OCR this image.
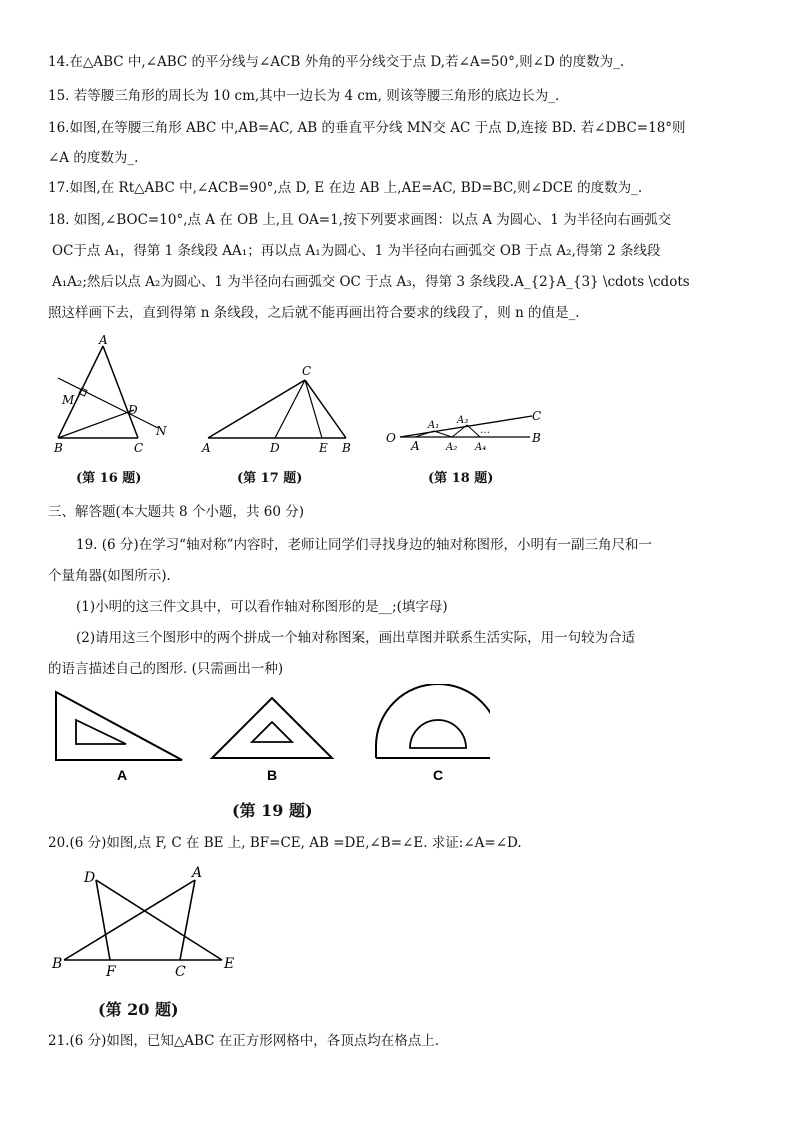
14.在△ABC 中,∠ABC 的平分线与∠ACB 外角的平分线交于点 D,若∠A=50°,则∠D 的度数为_.
15. 若等腰三角形的周长为 10 cm,其中一边长为 4 cm, 则该等腰三角形的底边长为_.
16.如图,在等腰三角形 ABC 中,AB=AC, AB 的垂直平分线 MN交 AC 于点 D,连接 BD. 若∠DBC=18°则
∠A 的度数为_.
17.如图,在 Rt△ABC 中,∠ACB=90°,点 D, E 在边 AB 上,AE=AC, BD=BC,则∠DCE 的度数为_.
18. 如图,∠BOC=10°,点 A 在 OB 上,且 OA=1,按下列要求画图：以点 A 为圆心、1 为半径向右画弧交
OC于点 A₁，得第 1 条线段 AA₁；再以点 A₁为圆心、1 为半径向右画弧交 OB 于点 A₂,得第 2 条线段
A₁A₂;然后以点 A₂为圆心、1 为半径向右画弧交 OC 于点 A₃，得第 3 条线段.A_{2}A_{3} \cdots \cdots
照这样画下去，直到得第 n 条线段，之后就不能再画出符合要求的线段了，则 n 的值是_.
A
M
D
N
B	C
(第 16 题)
C
A	D	E B
(第 17 题)
O
A
A₁
A₂
A₃
A₄
…
C
B
(第 18 题)
三、解答题(本大题共 8 个小题，共 60 分)
19. (6 分)在学习“轴对称”内容时，老师让同学们寻找身边的轴对称图形，小明有一副三角尺和一
个量角器(如图所示).
(1)小明的这三件文具中，可以看作轴对称图形的是__;(填字母)
(2)请用这三个图形中的两个拼成一个轴对称图案，画出草图并联系生活实际，用一句较为合适
的语言描述自己的图形. (只需画出一种)
A	B	C
(第 19 题)
20.(6 分)如图,点 F, C 在 BE 上, BF=CE, AB =DE,∠B=∠E. 求证:∠A=∠D.
D	A
B	F	C	E
(第 20 题)
21.(6 分)如图，已知△ABC 在正方形网格中，各顶点均在格点上.
